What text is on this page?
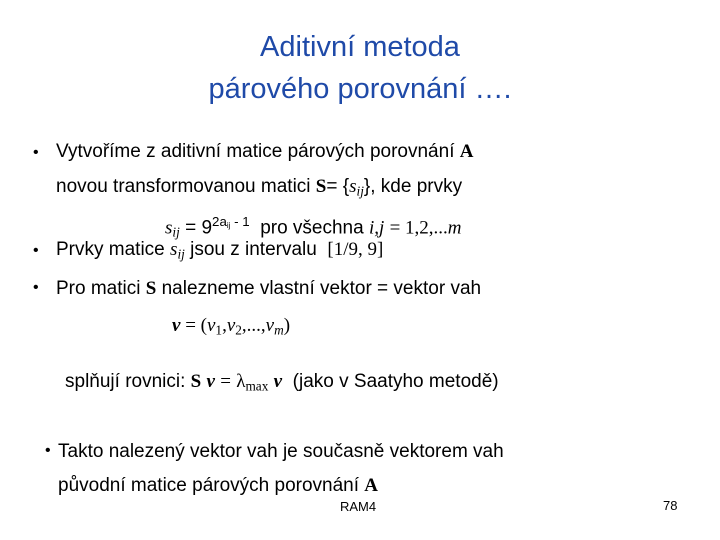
Aditivní metoda
párového porovnání ….
• Vytvoříme z aditivní matice párových porovnání A
novou transformovanou matici $S= \{s_{ij}\}$, kde prvky
$s_{ij} = 9^{2a_{ij} - 1}$ pro všechna i,j = 1,2,...m
• Prvky matice $s_{ij}$ jsou z intervalu [1/9, 9]
• Pro matici S nalezneme vlastní vektor = vektor vah
$v = (v_1,v_2,...,v_m)$
splňují rovnici: S $v = \lambda_{max}$ v (jako v Saatyho metodě)
• Takto nalezený vektor vah je současně vektorem vah
původní matice párových porovnání A
RAM4	78
